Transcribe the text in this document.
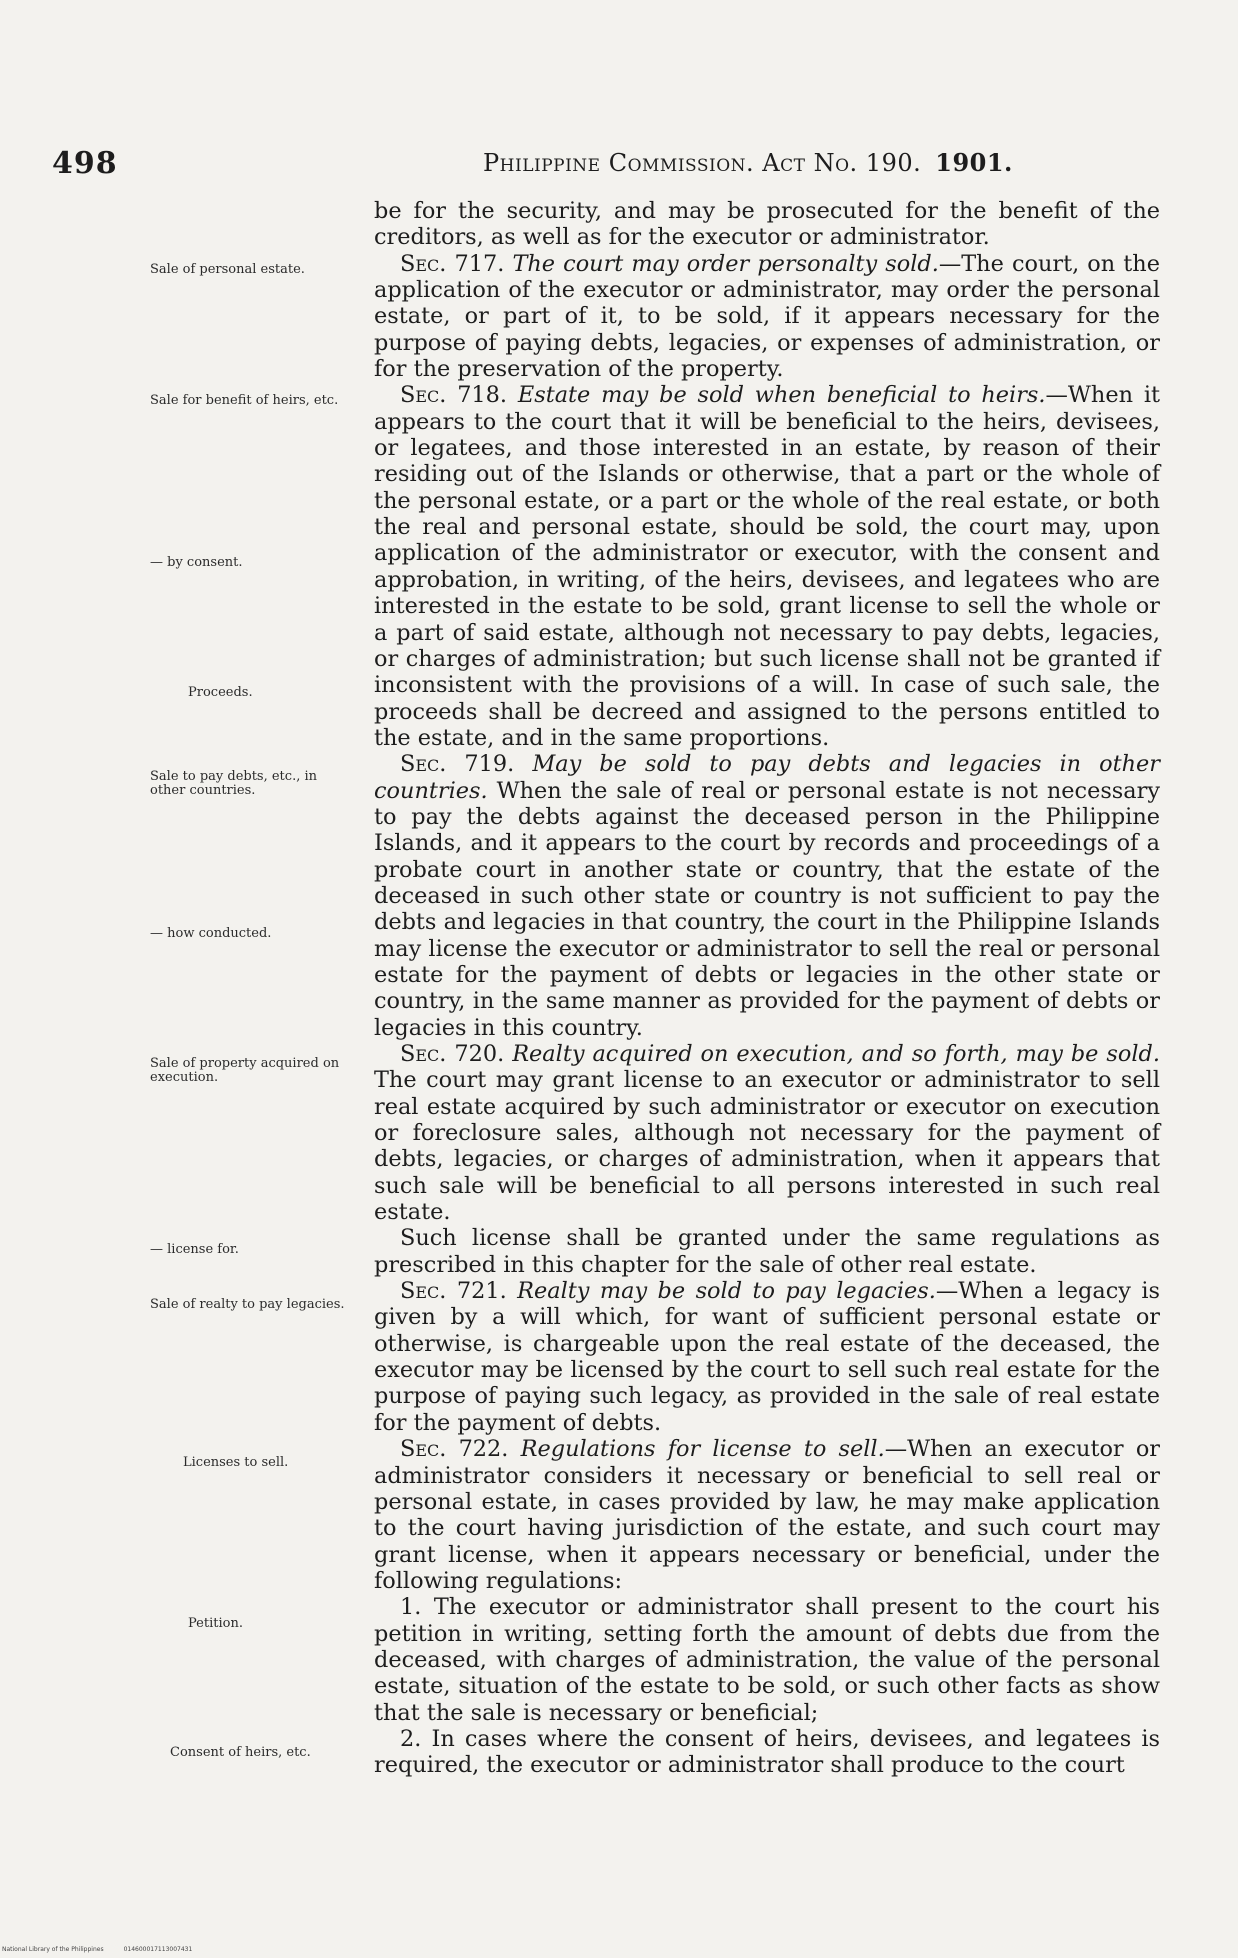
498	Philippine Commission. Act No. 190. 1901.
Sale of personal estate.
Sale for benefit of heirs, etc.
— by consent.
Proceeds.
Sale to pay debts, etc., in other countries.
— how conducted.
Sale of property acquired on execution.
— license for.
Sale of realty to pay legacies.
Licenses to sell.
Petition.
Consent of heirs, etc.

be for the security, and may be prosecuted for the benefit of the creditors, as well as for the executor or administrator.

Sec. 717. The court may order personalty sold.—The court, on the application of the executor or administrator, may order the personal estate, or part of it, to be sold, if it appears necessary for the purpose of paying debts, legacies, or expenses of administration, or for the preservation of the property.

Sec. 718. Estate may be sold when beneficial to heirs.—When it appears to the court that it will be beneficial to the heirs, devisees, or legatees, and those interested in an estate, by reason of their residing out of the Islands or otherwise, that a part or the whole of the personal estate, or a part or the whole of the real estate, or both the real and personal estate, should be sold, the court may, upon application of the administrator or executor, with the consent and approbation, in writing, of the heirs, devisees, and legatees who are interested in the estate to be sold, grant license to sell the whole or a part of said estate, although not necessary to pay debts, legacies, or charges of administration; but such license shall not be granted if inconsistent with the provisions of a will. In case of such sale, the proceeds shall be decreed and assigned to the persons entitled to the estate, and in the same proportions.

Sec. 719. May be sold to pay debts and legacies in other countries. When the sale of real or personal estate is not necessary to pay the debts against the deceased person in the Philippine Islands, and it appears to the court by records and proceedings of a probate court in another state or country, that the estate of the deceased in such other state or country is not sufficient to pay the debts and legacies in that country, the court in the Philippine Islands may license the executor or administrator to sell the real or personal estate for the payment of debts or legacies in the other state or country, in the same manner as provided for the payment of debts or legacies in this country.

Sec. 720. Realty acquired on execution, and so forth, may be sold. The court may grant license to an executor or administrator to sell real estate acquired by such administrator or executor on execution or foreclosure sales, although not necessary for the payment of debts, legacies, or charges of administration, when it appears that such sale will be beneficial to all persons interested in such real estate.

Such license shall be granted under the same regulations as prescribed in this chapter for the sale of other real estate.

Sec. 721. Realty may be sold to pay legacies.—When a legacy is given by a will which, for want of sufficient personal estate or otherwise, is chargeable upon the real estate of the deceased, the executor may be licensed by the court to sell such real estate for the purpose of paying such legacy, as provided in the sale of real estate for the payment of debts.

Sec. 722. Regulations for license to sell.—When an executor or administrator considers it necessary or beneficial to sell real or personal estate, in cases provided by law, he may make application to the court having jurisdiction of the estate, and such court may grant license, when it appears necessary or beneficial, under the following regulations:

1. The executor or administrator shall present to the court his petition in writing, setting forth the amount of debts due from the deceased, with charges of administration, the value of the personal estate, situation of the estate to be sold, or such other facts as show that the sale is necessary or beneficial;

2. In cases where the consent of heirs, devisees, and legatees is required, the executor or administrator shall produce to the court

National Library of the Philippines	014600017113007431
